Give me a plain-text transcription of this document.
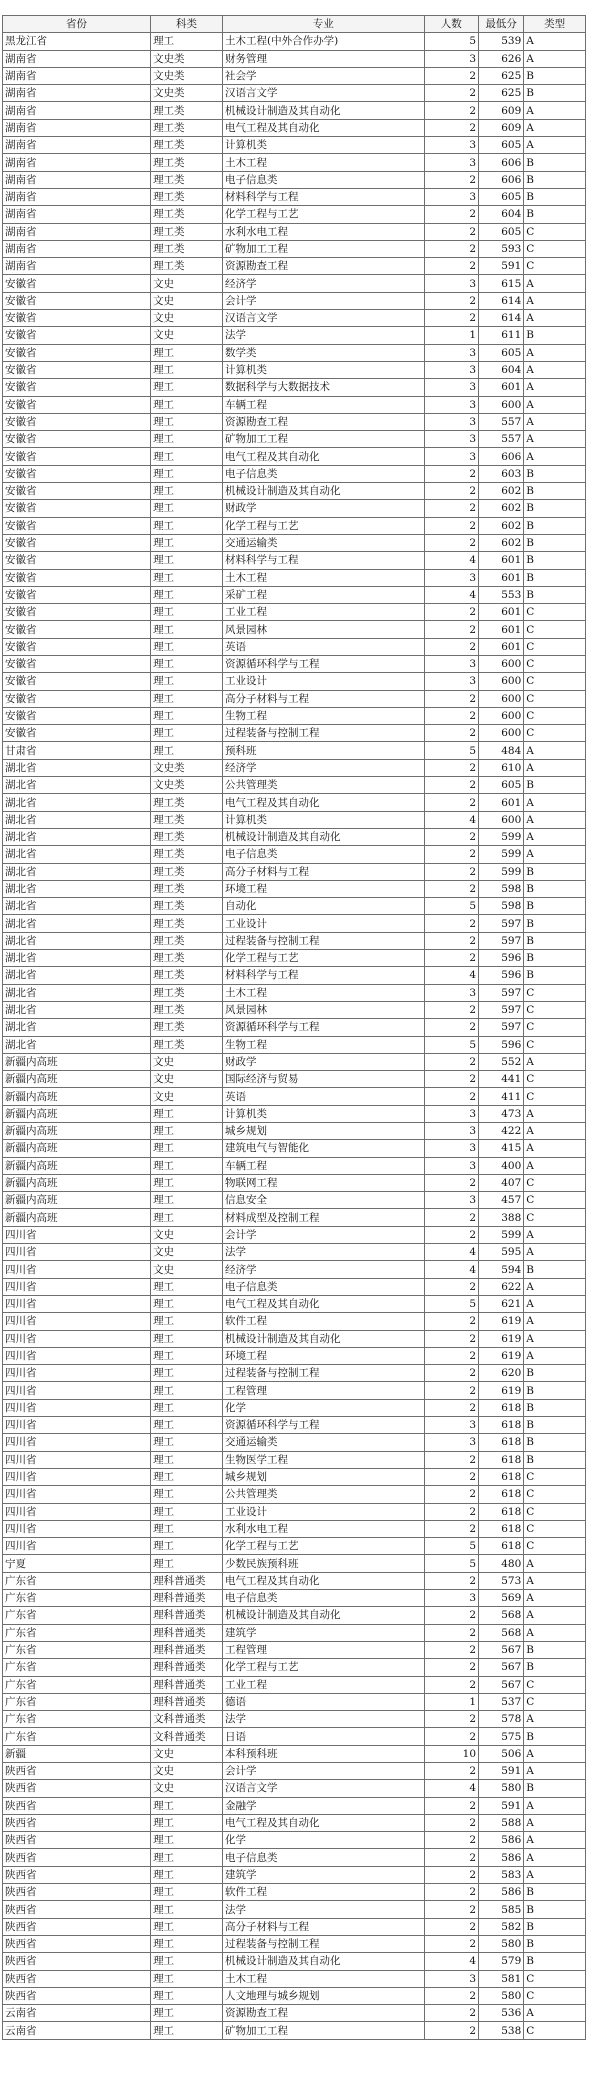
省份	科类	专业	人数	最低分	类型
黑龙江省	理工	土木工程(中外合作办学)	5	539	A
湖南省	文史类	财务管理	3	626	A
湖南省	文史类	社会学	2	625	B
湖南省	文史类	汉语言文学	2	625	B
湖南省	理工类	机械设计制造及其自动化	2	609	A
湖南省	理工类	电气工程及其自动化	2	609	A
湖南省	理工类	计算机类	3	605	A
湖南省	理工类	土木工程	3	606	B
湖南省	理工类	电子信息类	2	606	B
湖南省	理工类	材料科学与工程	3	605	B
湖南省	理工类	化学工程与工艺	2	604	B
湖南省	理工类	水利水电工程	2	605	C
湖南省	理工类	矿物加工工程	2	593	C
湖南省	理工类	资源勘查工程	2	591	C
安徽省	文史	经济学	3	615	A
安徽省	文史	会计学	2	614	A
安徽省	文史	汉语言文学	2	614	A
安徽省	文史	法学	1	611	B
安徽省	理工	数学类	3	605	A
安徽省	理工	计算机类	3	604	A
安徽省	理工	数据科学与大数据技术	3	601	A
安徽省	理工	车辆工程	3	600	A
安徽省	理工	资源勘查工程	3	557	A
安徽省	理工	矿物加工工程	3	557	A
安徽省	理工	电气工程及其自动化	3	606	A
安徽省	理工	电子信息类	2	603	B
安徽省	理工	机械设计制造及其自动化	2	602	B
安徽省	理工	财政学	2	602	B
安徽省	理工	化学工程与工艺	2	602	B
安徽省	理工	交通运输类	2	602	B
安徽省	理工	材料科学与工程	4	601	B
安徽省	理工	土木工程	3	601	B
安徽省	理工	采矿工程	4	553	B
安徽省	理工	工业工程	2	601	C
安徽省	理工	风景园林	2	601	C
安徽省	理工	英语	2	601	C
安徽省	理工	资源循环科学与工程	3	600	C
安徽省	理工	工业设计	3	600	C
安徽省	理工	高分子材料与工程	2	600	C
安徽省	理工	生物工程	2	600	C
安徽省	理工	过程装备与控制工程	2	600	C
甘肃省	理工	预科班	5	484	A
湖北省	文史类	经济学	2	610	A
湖北省	文史类	公共管理类	2	605	B
湖北省	理工类	电气工程及其自动化	2	601	A
湖北省	理工类	计算机类	4	600	A
湖北省	理工类	机械设计制造及其自动化	2	599	A
湖北省	理工类	电子信息类	2	599	A
湖北省	理工类	高分子材料与工程	2	599	B
湖北省	理工类	环境工程	2	598	B
湖北省	理工类	自动化	5	598	B
湖北省	理工类	工业设计	2	597	B
湖北省	理工类	过程装备与控制工程	2	597	B
湖北省	理工类	化学工程与工艺	2	596	B
湖北省	理工类	材料科学与工程	4	596	B
湖北省	理工类	土木工程	3	597	C
湖北省	理工类	风景园林	2	597	C
湖北省	理工类	资源循环科学与工程	2	597	C
湖北省	理工类	生物工程	5	596	C
新疆内高班	文史	财政学	2	552	A
新疆内高班	文史	国际经济与贸易	2	441	C
新疆内高班	文史	英语	2	411	C
新疆内高班	理工	计算机类	3	473	A
新疆内高班	理工	城乡规划	3	422	A
新疆内高班	理工	建筑电气与智能化	3	415	A
新疆内高班	理工	车辆工程	3	400	A
新疆内高班	理工	物联网工程	2	407	C
新疆内高班	理工	信息安全	3	457	C
新疆内高班	理工	材料成型及控制工程	2	388	C
四川省	文史	会计学	2	599	A
四川省	文史	法学	4	595	A
四川省	文史	经济学	4	594	B
四川省	理工	电子信息类	2	622	A
四川省	理工	电气工程及其自动化	5	621	A
四川省	理工	软件工程	2	619	A
四川省	理工	机械设计制造及其自动化	2	619	A
四川省	理工	环境工程	2	619	A
四川省	理工	过程装备与控制工程	2	620	B
四川省	理工	工程管理	2	619	B
四川省	理工	化学	2	618	B
四川省	理工	资源循环科学与工程	3	618	B
四川省	理工	交通运输类	3	618	B
四川省	理工	生物医学工程	2	618	B
四川省	理工	城乡规划	2	618	C
四川省	理工	公共管理类	2	618	C
四川省	理工	工业设计	2	618	C
四川省	理工	水利水电工程	2	618	C
四川省	理工	化学工程与工艺	5	618	C
宁夏	理工	少数民族预科班	5	480	A
广东省	理科普通类	电气工程及其自动化	2	573	A
广东省	理科普通类	电子信息类	3	569	A
广东省	理科普通类	机械设计制造及其自动化	2	568	A
广东省	理科普通类	建筑学	2	568	A
广东省	理科普通类	工程管理	2	567	B
广东省	理科普通类	化学工程与工艺	2	567	B
广东省	理科普通类	工业工程	2	567	C
广东省	理科普通类	德语	1	537	C
广东省	文科普通类	法学	2	578	A
广东省	文科普通类	日语	2	575	B
新疆	文史	本科预科班	10	506	A
陕西省	文史	会计学	2	591	A
陕西省	文史	汉语言文学	4	580	B
陕西省	理工	金融学	2	591	A
陕西省	理工	电气工程及其自动化	2	588	A
陕西省	理工	化学	2	586	A
陕西省	理工	电子信息类	2	586	A
陕西省	理工	建筑学	2	583	A
陕西省	理工	软件工程	2	586	B
陕西省	理工	法学	2	585	B
陕西省	理工	高分子材料与工程	2	582	B
陕西省	理工	过程装备与控制工程	2	580	B
陕西省	理工	机械设计制造及其自动化	4	579	B
陕西省	理工	土木工程	3	581	C
陕西省	理工	人文地理与城乡规划	2	580	C
云南省	理工	资源勘查工程	2	536	A
云南省	理工	矿物加工工程	2	538	C
